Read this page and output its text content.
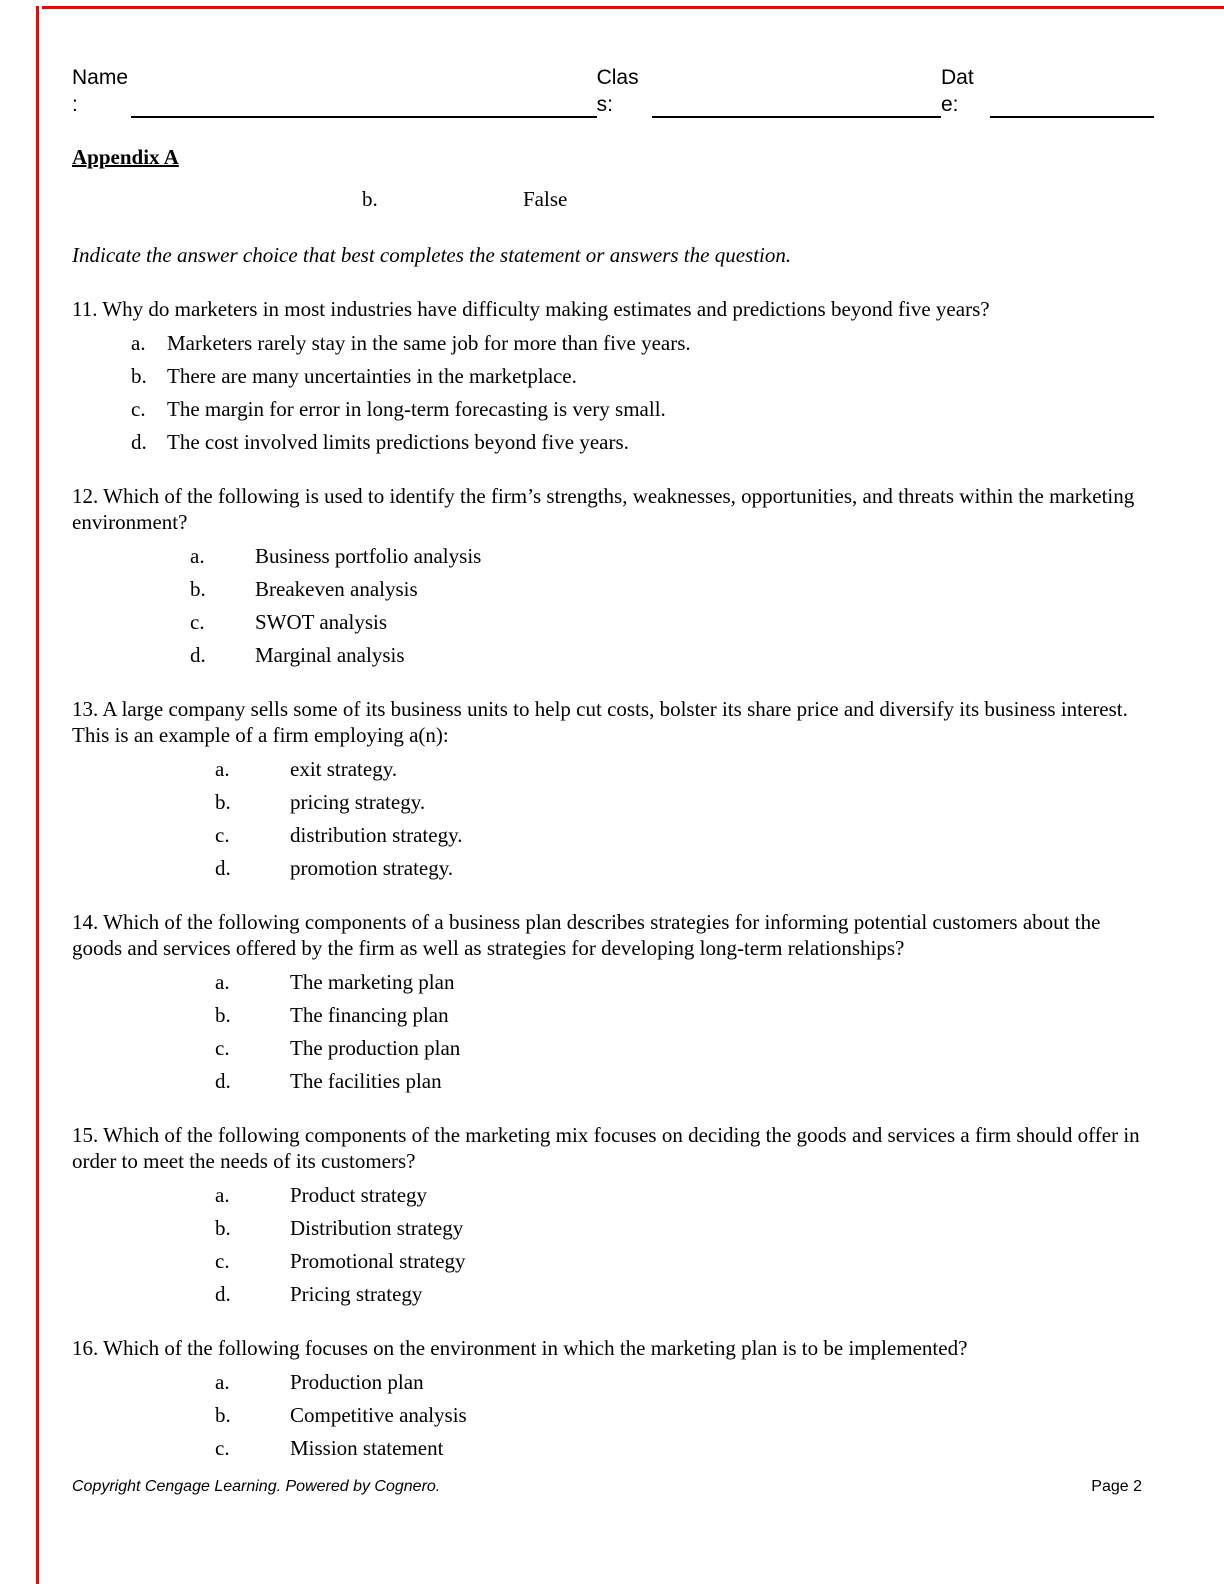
Name
:
Clas
s:
Dat
e:
Appendix A
b.	False
Indicate the answer choice that best completes the statement or answers the question.
11. Why do marketers in most industries have difficulty making estimates and predictions beyond five years?
a.	Marketers rarely stay in the same job for more than five years.
b. There are many uncertainties in the marketplace.
c.	The margin for error in long-term forecasting is very small.
d. The cost involved limits predictions beyond five years.
12. Which of the following is used to identify the firm’s strengths, weaknesses, opportunities, and threats within the marketing environment?
a.	Business portfolio analysis
b.	Breakeven analysis
c.	SWOT analysis
d.	Marginal analysis
13. A large company sells some of its business units to help cut costs, bolster its share price and diversify its business interest. This is an example of a firm employing a(n):
a.	exit strategy.
b.	pricing strategy.
c.	distribution strategy.
d.	promotion strategy.
14. Which of the following components of a business plan describes strategies for informing potential customers about the goods and services offered by the firm as well as strategies for developing long-term relationships?
a.	The marketing plan
b.	The financing plan
c.	The production plan
d.	The facilities plan
15. Which of the following components of the marketing mix focuses on deciding the goods and services a firm should offer in order to meet the needs of its customers?
a.	Product strategy
b.	Distribution strategy
c.	Promotional strategy
d.	Pricing strategy
16. Which of the following focuses on the environment in which the marketing plan is to be implemented?
a.	Production plan
b.	Competitive analysis
c.	Mission statement
Copyright Cengage Learning. Powered by Cognero.	Page 2
